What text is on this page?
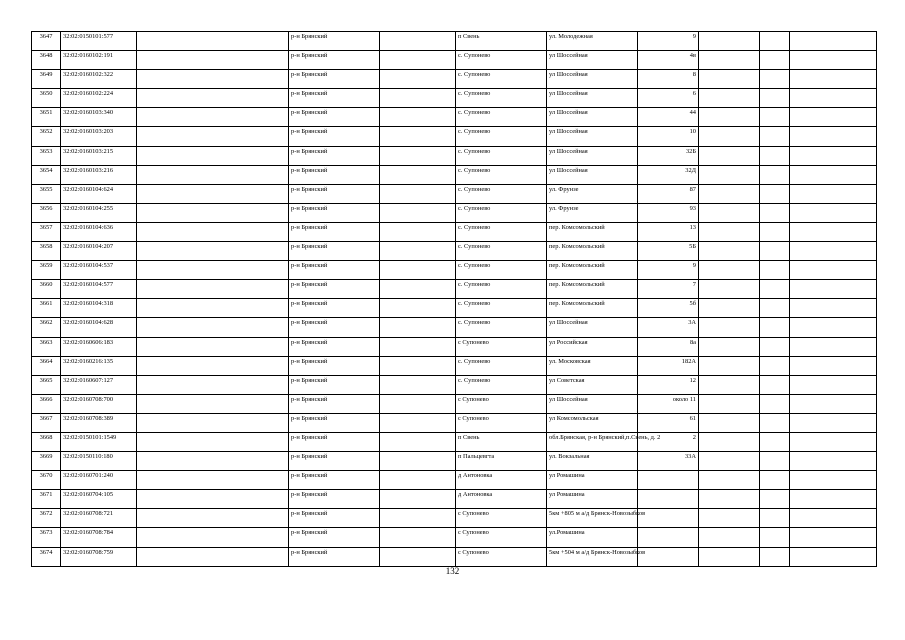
3647	32:02:0150101:577		р-н Брянский		п Свень	ул. Молодежная	9			
3648	32:02:0160102:191		р-н Брянский		с. Супонево	ул Шоссейная	4в			
3649	32:02:0160102:322		р-н Брянский		с. Супонево	ул Шоссейная	8			
3650	32:02:0160102:224		р-н Брянский		с. Супонево	ул Шоссейная	6			
3651	32:02:0160103:340		р-н Брянский		с. Супонево	ул Шоссейная	44			
3652	32:02:0160103:203		р-н Брянский		с. Супонево	ул Шоссейная	10			
3653	32:02:0160103:215		р-н Брянский		с. Супонево	ул Шоссейная	32Б			
3654	32:02:0160103:216		р-н Брянский		с. Супонево	ул Шоссейная	32Д			
3655	32:02:0160104:624		р-н Брянский		с. Супонево	ул. Фрунзе	87			
3656	32:02:0160104:255		р-н Брянский		с. Супонево	ул. Фрунзе	93			
3657	32:02:0160104:636		р-н Брянский		с. Супонево	пер. Комсомольский	13			
3658	32:02:0160104:207		р-н Брянский		с. Супонево	пер. Комсомольский	5Б			
3659	32:02:0160104:537		р-н Брянский		с. Супонево	пер. Комсомольский	9			
3660	32:02:0160104:577		р-н Брянский		с. Супонево	пер. Комсомольский	7			
3661	32:02:0160104:318		р-н Брянский		с. Супонево	пер. Комсомольский	5б			
3662	32:02:0160104:628		р-н Брянский		с. Супонево	ул Шоссейная	3А			
3663	32:02:0160606:183		р-н Брянский		с Супонево	ул Российская	8а			
3664	32:02:0160216:135		р-н Брянский		с. Супонево	ул. Московская	182А			
3665	32:02:0160607:127		р-н Брянский		с. Супонево	ул Советская	12			
3666	32:02:0160708:700		р-н Брянский		с Супонево	ул Шоссейная	около 11			
3667	32:02:0160708:389		р-н Брянский		с Супонево	ул Комсомольская	61			
3668	32:02:0150101:1549		р-н Брянский		п Свень	обл.Брянская, р-н Брянский,п.Свень, д. 2	2			
3669	32:02:0150110:180		р-н Брянский		п Пальцевгта	ул. Вокзальная	33А			
3670	32:02:0160701:240		р-н Брянский		д Антоновка	ул Ромашина				
3671	32:02:0160704:105		р-н Брянский		д Антоновка	ул Ромашина				
3672	32:02:0160708:721		р-н Брянский		с Супонево	5км +805 м а/д Брянск-Новозыбков				
3673	32:02:0160708:784		р-н Брянский		с Супонево	ул.Ромашина				
3674	32:02:0160708:759		р-н Брянский		с Супонево	5км +504 м а/д Брянск-Новозыбков				
132
